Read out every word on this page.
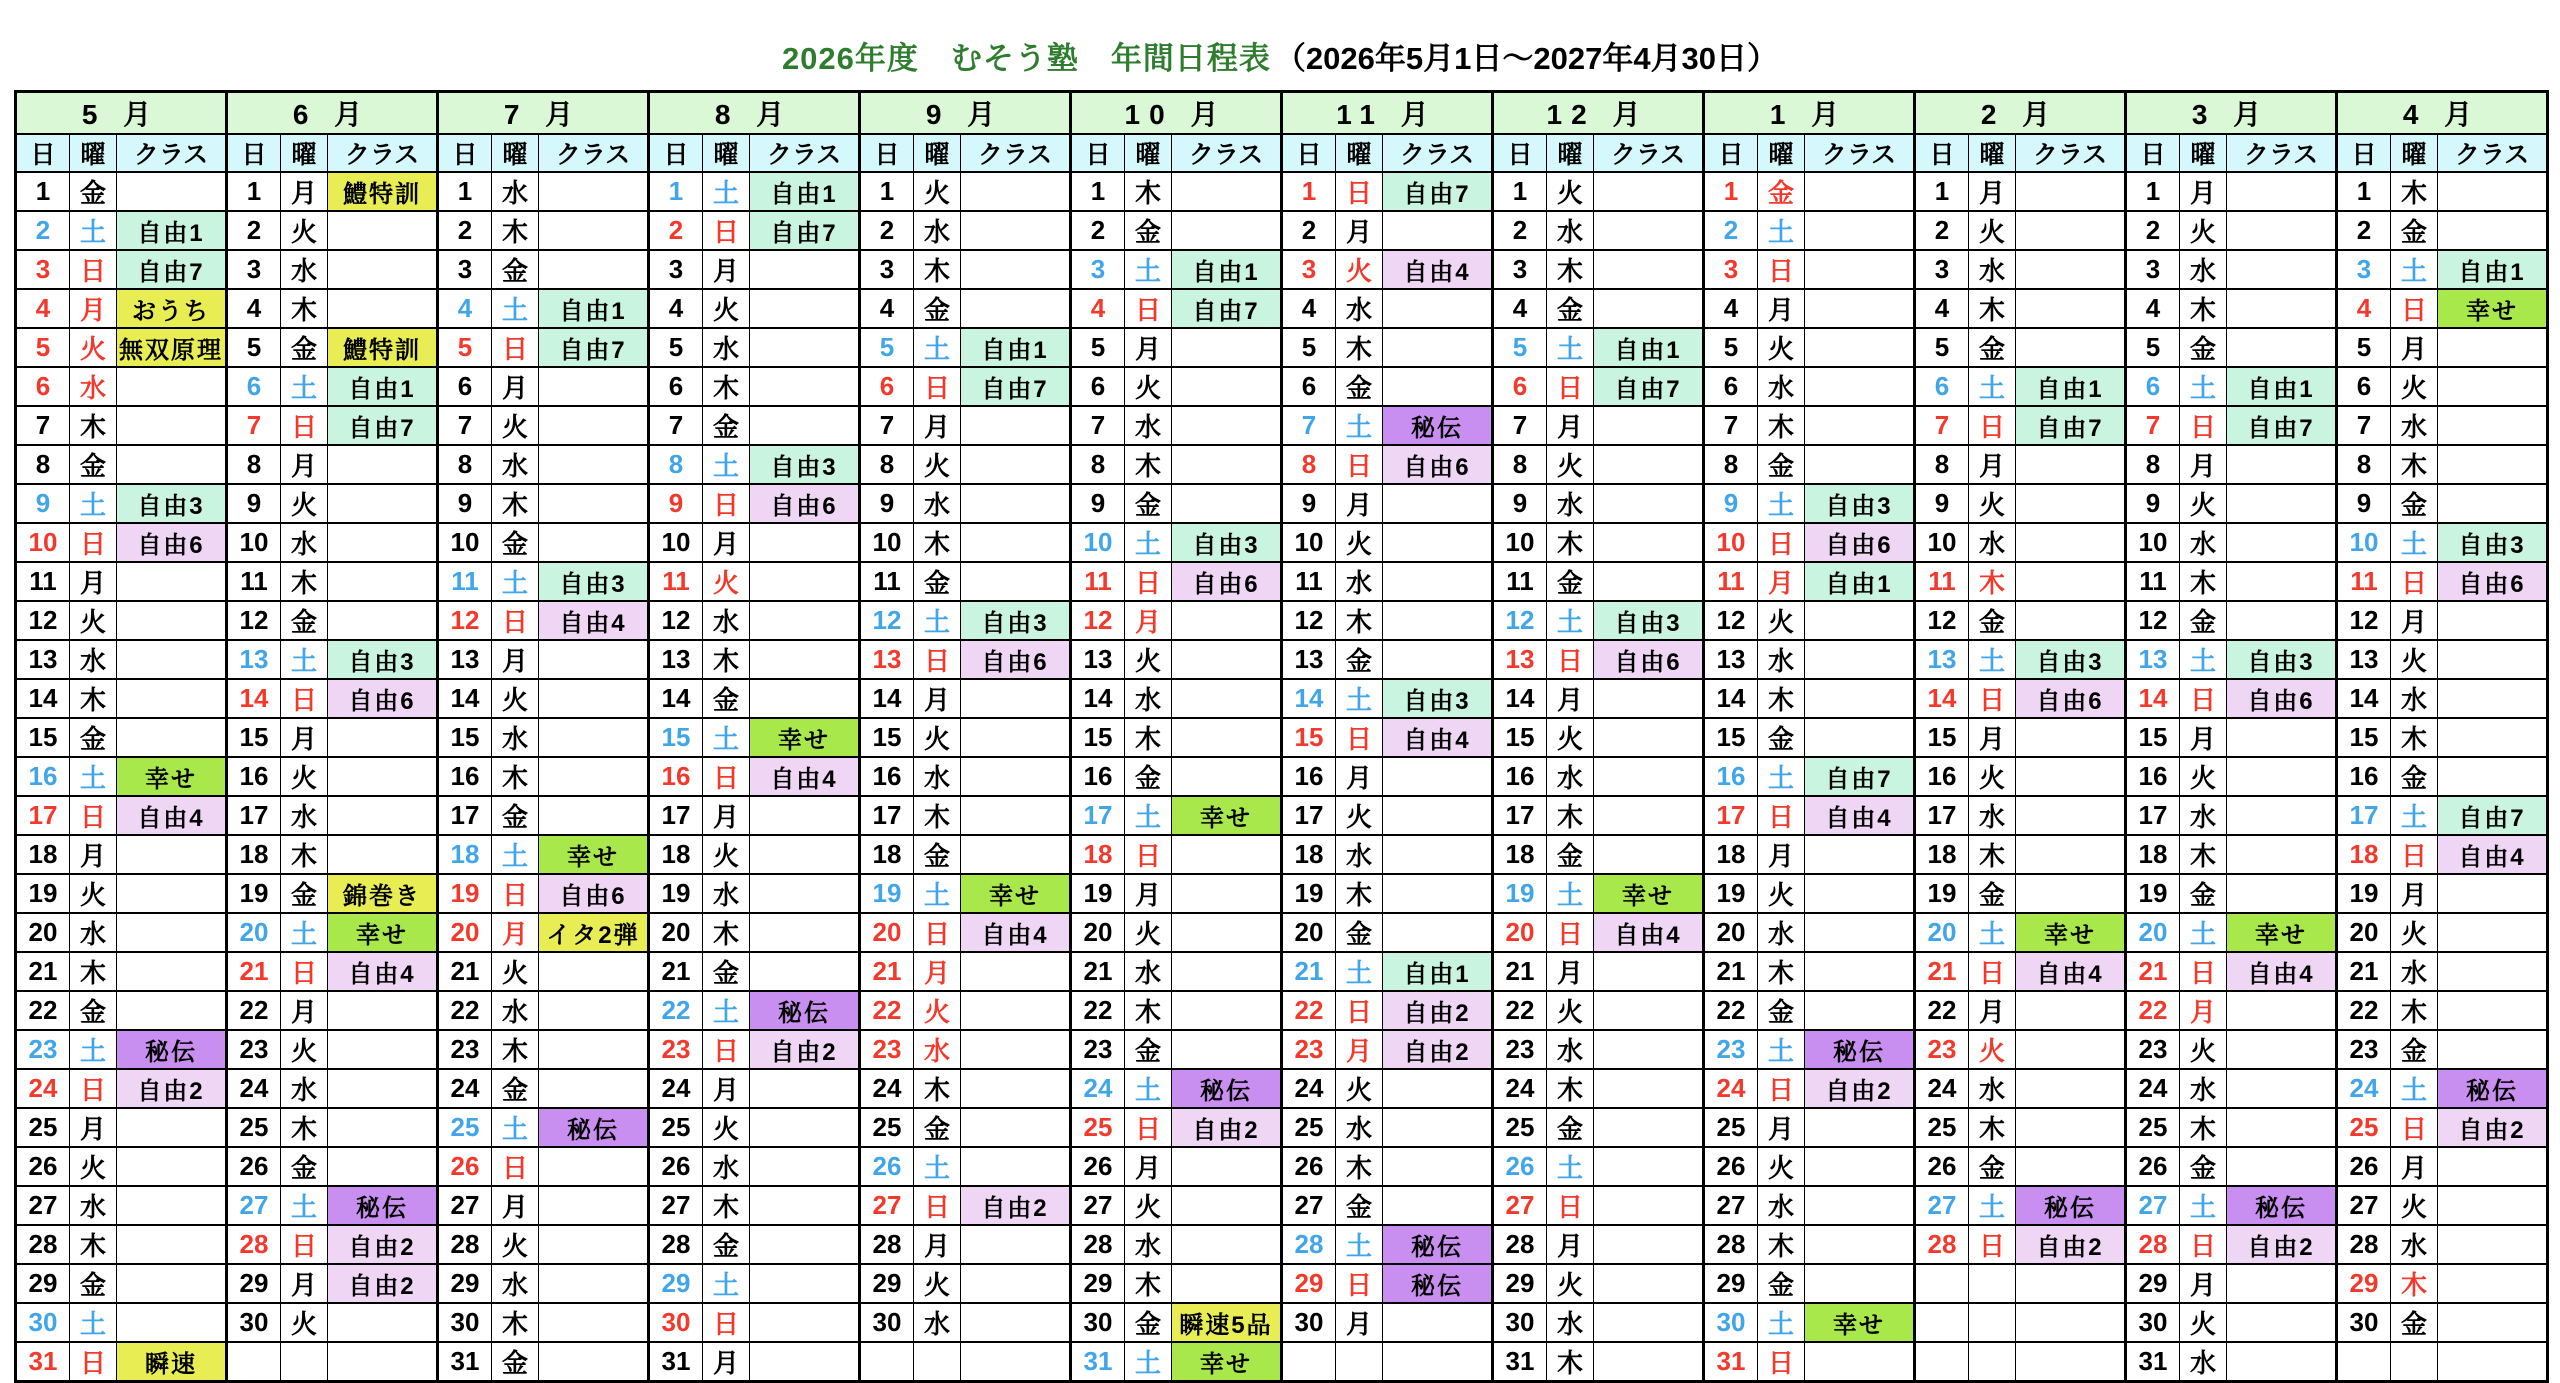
2026年度　むそう塾　年間日程表 （2026年5月1日～2027年4月30日）
5 月			6 月			7 月			8 月			9 月			10 月			11 月			12 月			1 月			2 月			3 月			4 月		
日	曜	クラス	日	曜	クラス	日	曜	クラス	日	曜	クラス	日	曜	クラス	日	曜	クラス	日	曜	クラス	日	曜	クラス	日	曜	クラス	日	曜	クラス	日	曜	クラス	日	曜	クラス
1	金		1	月	鱧特訓	1	水		1	土	自由1	1	火		1	木		1	日	自由7	1	火		1	金		1	月		1	月		1	木	
2	土	自由1	2	火		2	木		2	日	自由7	2	水		2	金		2	月		2	水		2	土		2	火		2	火		2	金	
3	日	自由7	3	水		3	金		3	月		3	木		3	土	自由1	3	火	自由4	3	木		3	日		3	水		3	水		3	土	自由1
4	月	おうち	4	木		4	土	自由1	4	火		4	金		4	日	自由7	4	水		4	金		4	月		4	木		4	木		4	日	幸せ
5	火	無双原理	5	金	鱧特訓	5	日	自由7	5	水		5	土	自由1	5	月		5	木		5	土	自由1	5	火		5	金		5	金		5	月	
6	水		6	土	自由1	6	月		6	木		6	日	自由7	6	火		6	金		6	日	自由7	6	水		6	土	自由1	6	土	自由1	6	火	
7	木		7	日	自由7	7	火		7	金		7	月		7	水		7	土	秘伝	7	月		7	木		7	日	自由7	7	日	自由7	7	水	
8	金		8	月		8	水		8	土	自由3	8	火		8	木		8	日	自由6	8	火		8	金		8	月		8	月		8	木	
9	土	自由3	9	火		9	木		9	日	自由6	9	水		9	金		9	月		9	水		9	土	自由3	9	火		9	火		9	金	
10	日	自由6	10	水		10	金		10	月		10	木		10	土	自由3	10	火		10	木		10	日	自由6	10	水		10	水		10	土	自由3
11	月		11	木		11	土	自由3	11	火		11	金		11	日	自由6	11	水		11	金		11	月	自由1	11	木		11	木		11	日	自由6
12	火		12	金		12	日	自由4	12	水		12	土	自由3	12	月		12	木		12	土	自由3	12	火		12	金		12	金		12	月	
13	水		13	土	自由3	13	月		13	木		13	日	自由6	13	火		13	金		13	日	自由6	13	水		13	土	自由3	13	土	自由3	13	火	
14	木		14	日	自由6	14	火		14	金		14	月		14	水		14	土	自由3	14	月		14	木		14	日	自由6	14	日	自由6	14	水	
15	金		15	月		15	水		15	土	幸せ	15	火		15	木		15	日	自由4	15	火		15	金		15	月		15	月		15	木	
16	土	幸せ	16	火		16	木		16	日	自由4	16	水		16	金		16	月		16	水		16	土	自由7	16	火		16	火		16	金	
17	日	自由4	17	水		17	金		17	月		17	木		17	土	幸せ	17	火		17	木		17	日	自由4	17	水		17	水		17	土	自由7
18	月		18	木		18	土	幸せ	18	火		18	金		18	日		18	水		18	金		18	月		18	木		18	木		18	日	自由4
19	火		19	金	錦巻き	19	日	自由6	19	水		19	土	幸せ	19	月		19	木		19	土	幸せ	19	火		19	金		19	金		19	月	
20	水		20	土	幸せ	20	月	イタ2弾	20	木		20	日	自由4	20	火		20	金		20	日	自由4	20	水		20	土	幸せ	20	土	幸せ	20	火	
21	木		21	日	自由4	21	火		21	金		21	月		21	水		21	土	自由1	21	月		21	木		21	日	自由4	21	日	自由4	21	水	
22	金		22	月		22	水		22	土	秘伝	22	火		22	木		22	日	自由2	22	火		22	金		22	月		22	月		22	木	
23	土	秘伝	23	火		23	木		23	日	自由2	23	水		23	金		23	月	自由2	23	水		23	土	秘伝	23	火		23	火		23	金	
24	日	自由2	24	水		24	金		24	月		24	木		24	土	秘伝	24	火		24	木		24	日	自由2	24	水		24	水		24	土	秘伝
25	月		25	木		25	土	秘伝	25	火		25	金		25	日	自由2	25	水		25	金		25	月		25	木		25	木		25	日	自由2
26	火		26	金		26	日		26	水		26	土		26	月		26	木		26	土		26	火		26	金		26	金		26	月	
27	水		27	土	秘伝	27	月		27	木		27	日	自由2	27	火		27	金		27	日		27	水		27	土	秘伝	27	土	秘伝	27	火	
28	木		28	日	自由2	28	火		28	金		28	月		28	水		28	土	秘伝	28	月		28	木		28	日	自由2	28	日	自由2	28	水	
29	金		29	月	自由2	29	水		29	土		29	火		29	木		29	日	秘伝	29	火		29	金					29	月		29	木	
30	土		30	火		30	木		30	日		30	水		30	金	瞬速5品	30	月		30	水		30	土	幸せ				30	火		30	金	
31	日	瞬速				31	金		31	月					31	土	幸せ				31	木		31	日					31	水				
